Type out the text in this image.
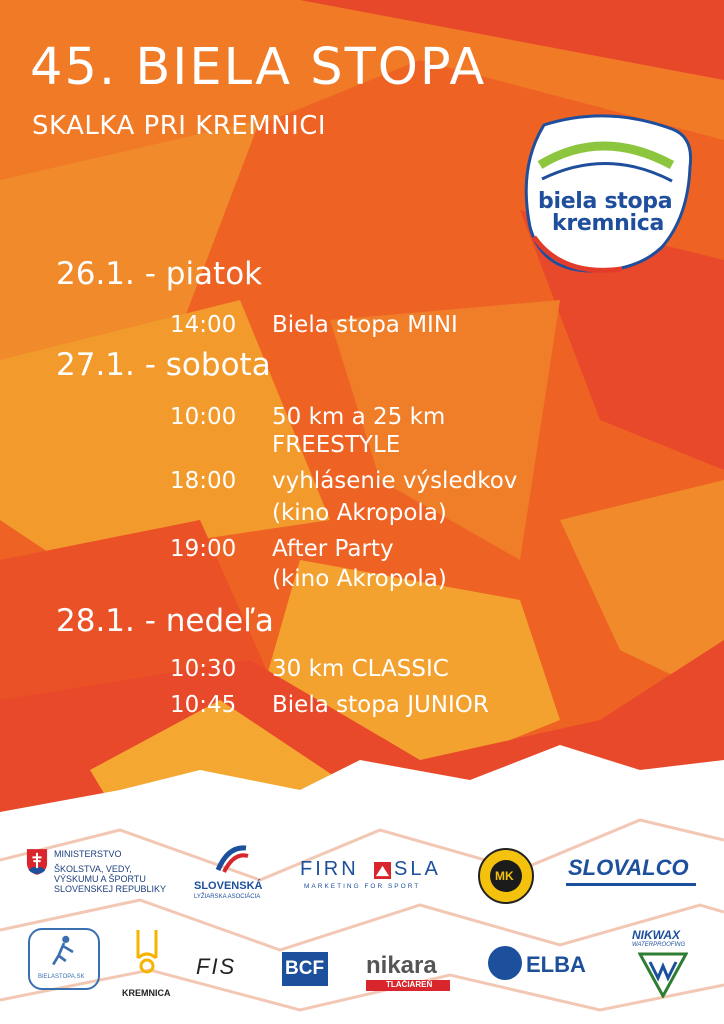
45. BIELA STOPA
SKALKA PRI KREMNICI
biela stopa
kremnica
26.1. - piatok
14:00 Biela stopa MINI
27.1. - sobota
10:00 50 km a 25 km
FREESTYLE
18:00 vyhlásenie výsledkov
(kino Akropola)
19:00 After Party
(kino Akropola)
28.1. - nedeľa
10:30 30 km CLASSIC
10:45 Biela stopa JUNIOR
MINISTERSTVO
ŠKOLSTVA, VEDY,
VÝSKUMU A ŠPORTU
SLOVENSKEJ REPUBLIKY	SLOVENSKÁ
LYŽIARSKA ASOCIÁCIA
FIRN SLA
MARKETING FOR SPORT
MK SLOVALCO
BIELASTOPA.SK
KREMNICA
FIS	BCF nikara
TLAČIAREŇ
ELBA
NIKWAX
WATERPROOFING
